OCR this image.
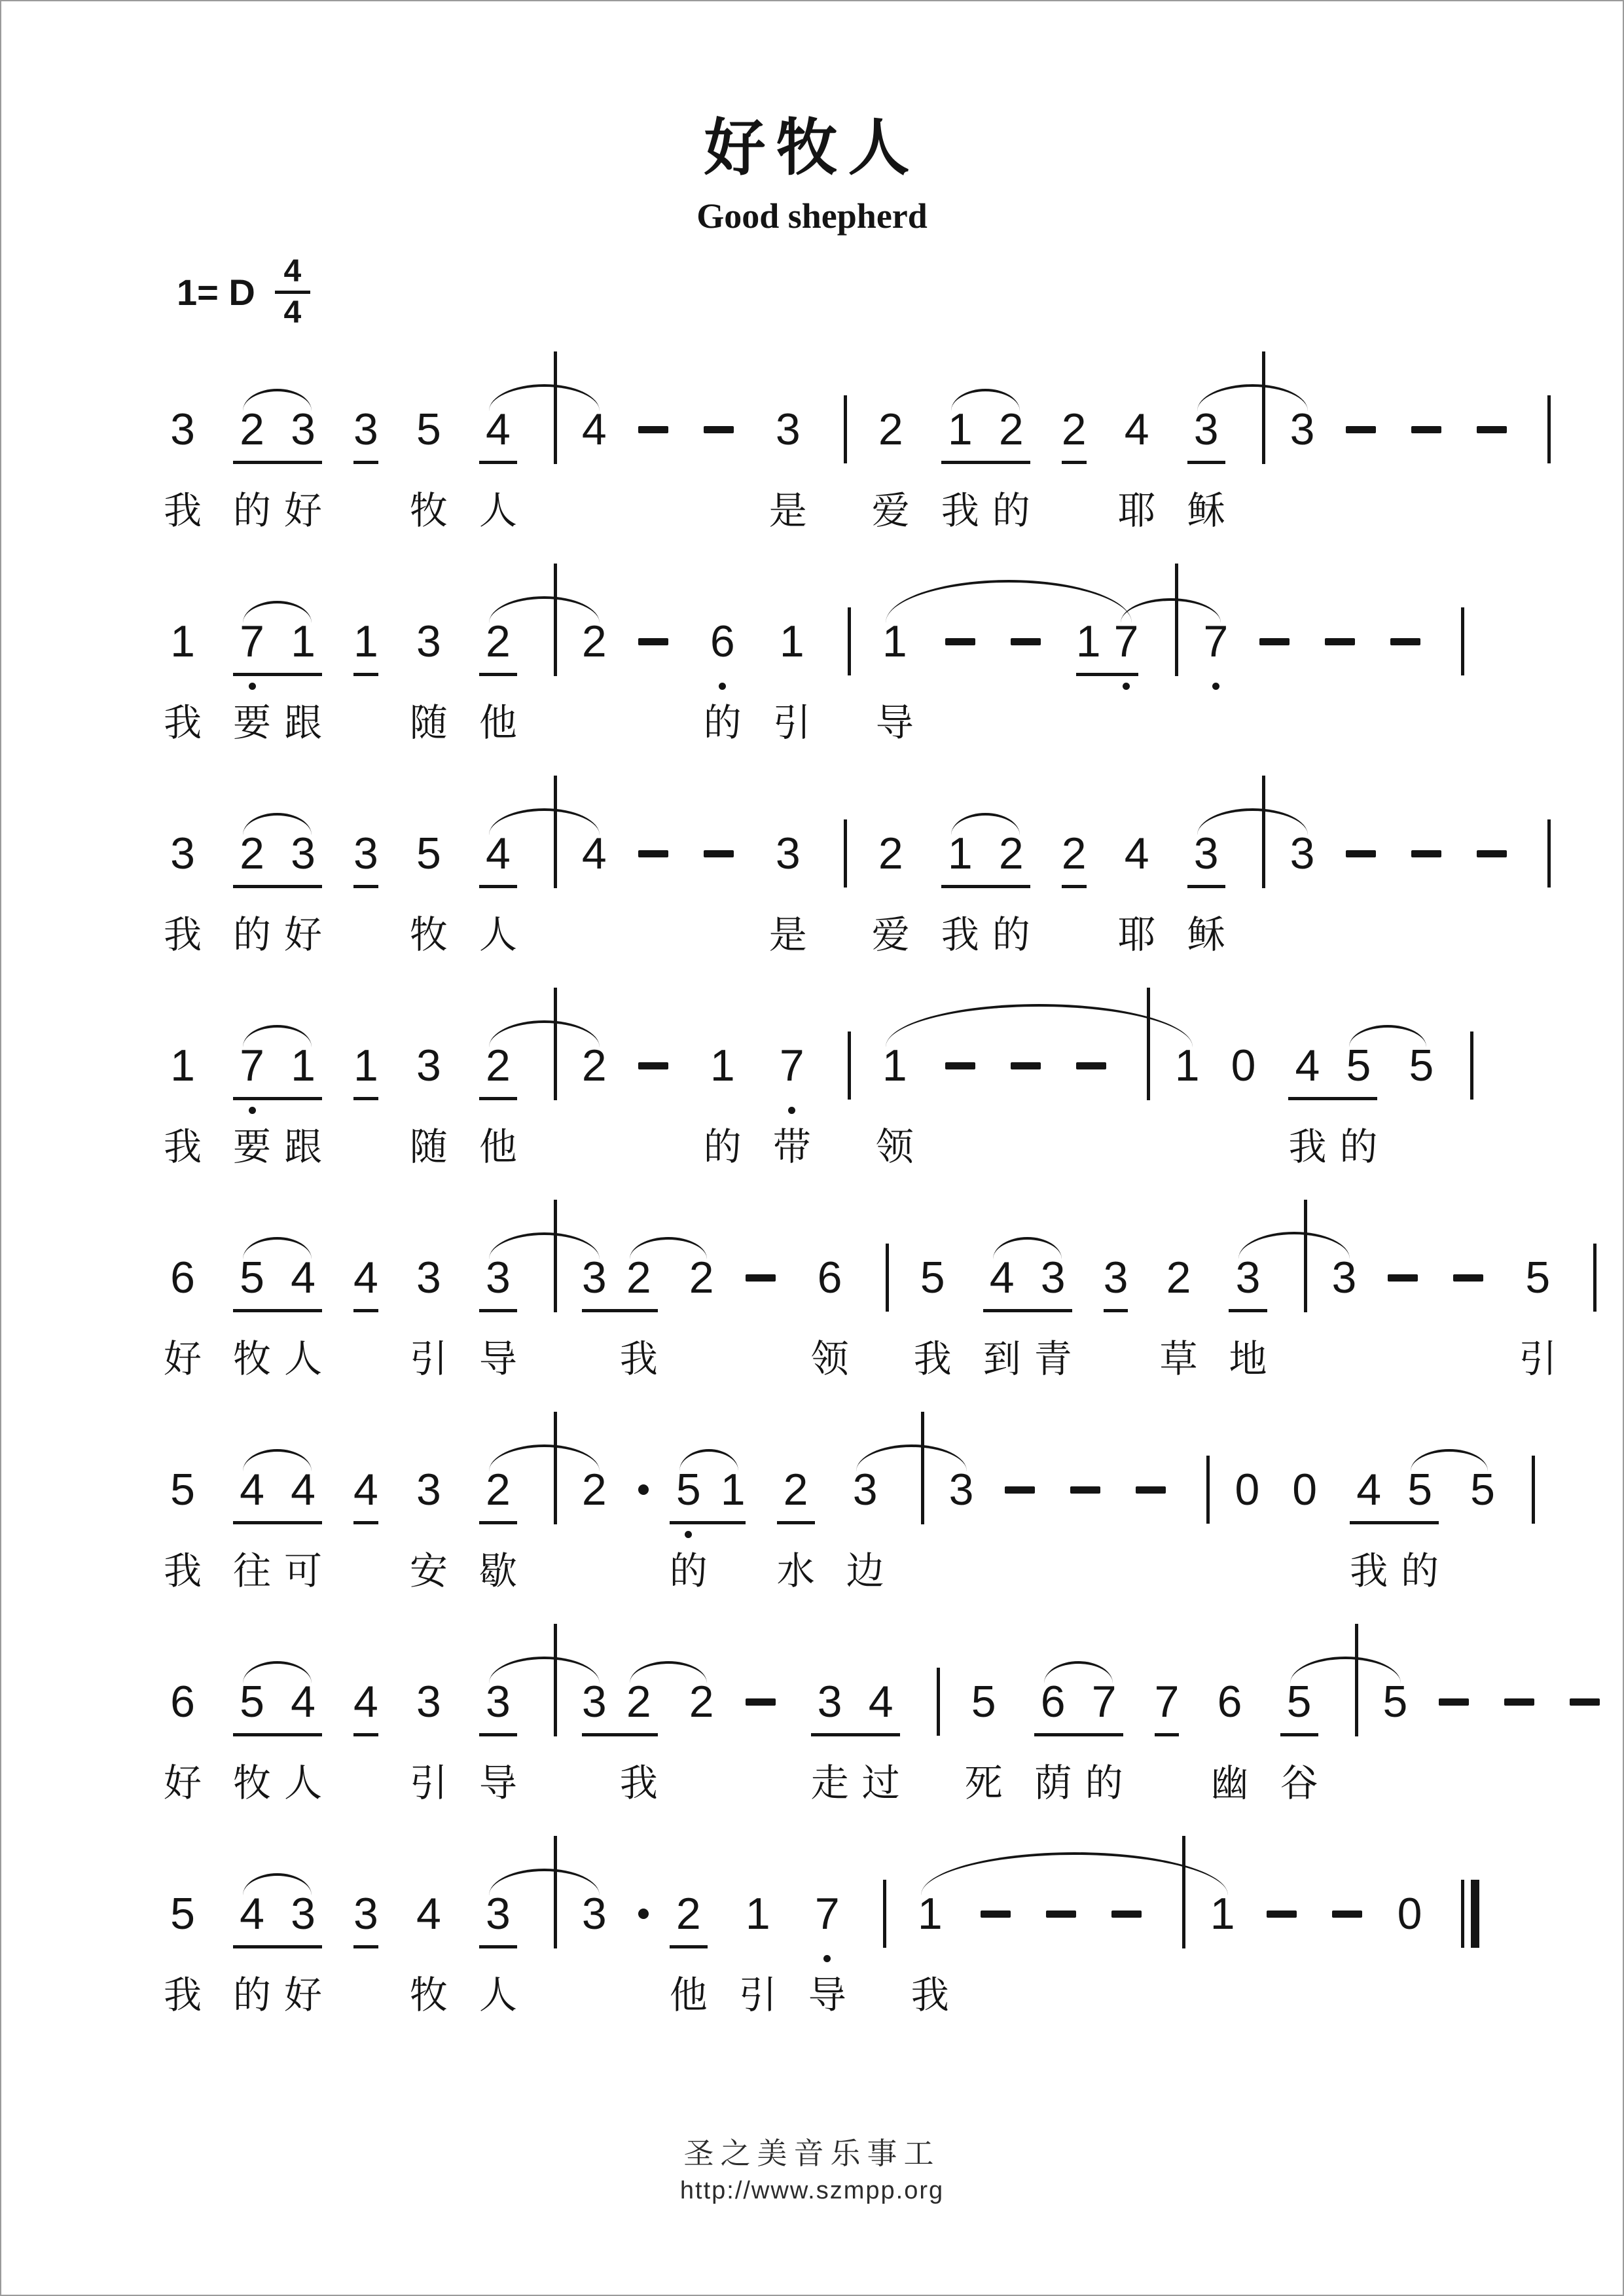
好牧人
Good shepherd
1= D
4
4
3
我
2
的
3
好
3 5
牧
4
人
4	3
是
2
爱
1
我
2
的
2 4
耶
3
稣
3
1
我
7
要
1
跟
1 3
随
2
他
2 6
的
1
引
1
导
1 7 7
3
我
2
的
3
好
3 5
牧
4
人
4	3
是
2
爱
1
我
2
的
2 4
耶
3
稣
3
1
我
7
要
1
跟
1 3
随
2
他
2 1
的
7
带
1
领
1 0 4
我
5
的
5
6
好
5
牧
4
人
4 3
引
3
导
3 2
我
2 6
领
5
我
4
到
3
青
3 2
草
3
地
3	5
引
5
我
4
往
4
可
4 3
安
2
歇
2 5
的
1 2
水
3
边
3	0 0 4
我
5
的
5
6
好
5
牧
4
人
4 3
引
3
导
3 2
我
2 3
走
4
过
5
死
6
荫
7
的
7 6
幽
5
谷
5
5
我
4
的
3
好
3 4
牧
3
人
3 2
他
1
引
7
导
1
我
1	0
圣之美音乐事工
http://www.szmpp.org
